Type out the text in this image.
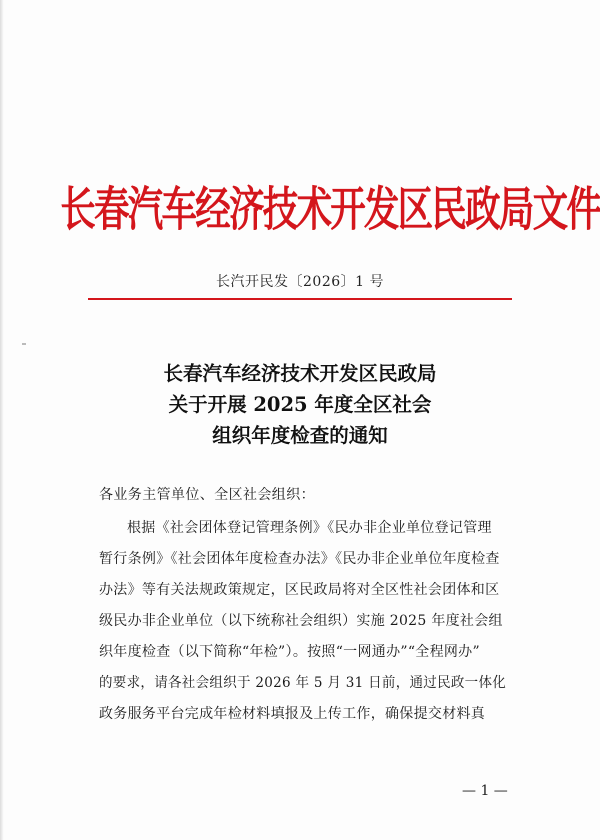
长春汽车经济技术开发区民政局文件
长汽开民发〔2026〕1 号
长春汽车经济技术开发区民政局
关于开展 2025 年度全区社会
组织年度检查的通知
各业务主管单位、全区社会组织：
根据《社会团体登记管理条例》《民办非企业单位登记管理
暂行条例》《社会团体年度检查办法》《民办非企业单位年度检查
办法》等有关法规政策规定，区民政局将对全区性社会团体和区
级民办非企业单位（以下统称社会组织）实施 2025 年度社会组
织年度检查（以下简称“年检”）。按照“一网通办”“全程网办”
的要求，请各社会组织于 2026 年 5 月 31 日前，通过民政一体化
政务服务平台完成年检材料填报及上传工作，确保提交材料真
— 1 —
